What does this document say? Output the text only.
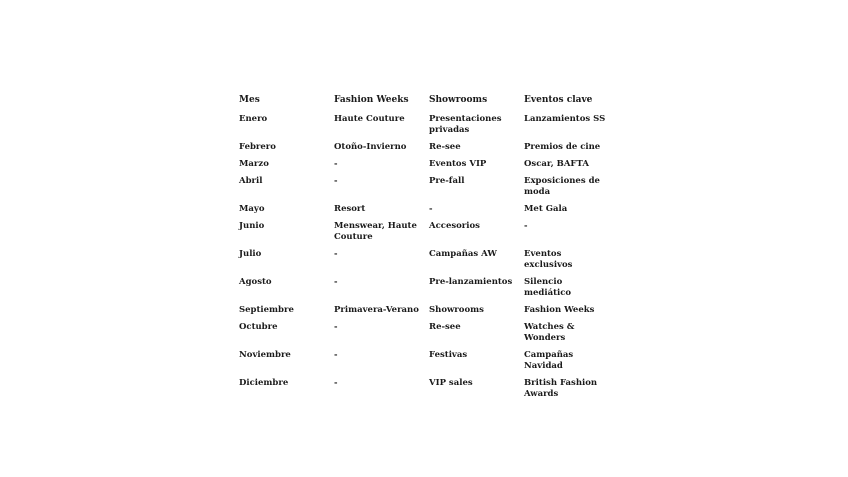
Mes	Fashion Weeks	Showrooms	Eventos clave
Enero	Haute Couture	Presentaciones privadas	Lanzamientos SS
Febrero	Otoño-Invierno	Re-see	Premios de cine
Marzo	-	Eventos VIP	Oscar, BAFTA
Abril	-	Pre-fall	Exposiciones de moda
Mayo	Resort	-	Met Gala
Junio	Menswear, Haute Couture	Accesorios	-
Julio	-	Campañas AW	Eventos exclusivos
Agosto	-	Pre-lanzamientos	Silencio mediático
Septiembre	Primavera-Verano	Showrooms	Fashion Weeks
Octubre	-	Re-see	Watches & Wonders
Noviembre	-	Festivas	Campañas Navidad
Diciembre	-	VIP sales	British Fashion Awards
